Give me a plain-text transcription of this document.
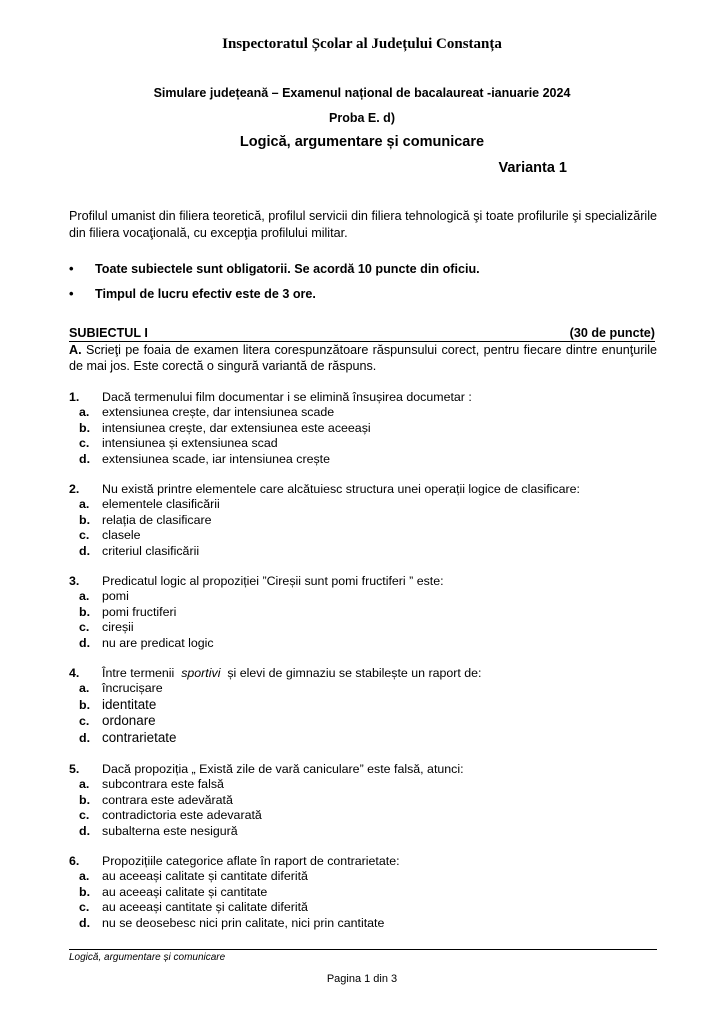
Inspectoratul Școlar al Județului Constanța
Simulare județeană – Examenul național de bacalaureat -ianuarie 2024
Proba E. d)
Logică, argumentare și comunicare
Varianta 1
Profilul umanist din filiera teoretică, profilul servicii din filiera tehnologică şi toate profilurile şi specializările din filiera vocaţională, cu excepţia profilului militar.
• Toate subiectele sunt obligatorii. Se acordă 10 puncte din oficiu.
• Timpul de lucru efectiv este de 3 ore.
SUBIECTUL I	(30 de puncte)
A. Scrieţi pe foaia de examen litera corespunzătoare răspunsului corect, pentru fiecare dintre enunţurile de mai jos. Este corectă o singură variantă de răspuns.
1. Dacă termenului film documentar i se elimină însușirea documetar :
a. extensiunea crește, dar intensiunea scade
b. intensiunea crește, dar extensiunea este aceeași
c. intensiunea și extensiunea scad
d. extensiunea scade, iar intensiunea crește
2. Nu există printre elementele care alcătuiesc structura unei operații logice de clasificare:
a. elementele clasificării
b. relația de clasificare
c. clasele
d. criteriul clasificării
3. Predicatul logic al propoziției ”Cireșii sunt pomi fructiferi ” este:
a. pomi
b. pomi fructiferi
c. cireșii
d. nu are predicat logic
4. Între termenii  sportivi  și elevi de gimnaziu se stabilește un raport de:
a. încrucișare
b. identitate
c. ordonare
d. contrarietate
5. Dacă propoziția „ Există zile de vară caniculare” este falsă, atunci:
a. subcontrara este falsă
b. contrara este adevărată
c. contradictoria este adevarată
d. subalterna este nesigură
6. Propozițiile categorice aflate în raport de contrarietate:
a. au aceeași calitate și cantitate diferită
b. au aceeași calitate și cantitate
c. au aceeași cantitate și calitate diferită
d. nu se deosebesc nici prin calitate, nici prin cantitate
Logică, argumentare și comunicare
Pagina 1 din 3
